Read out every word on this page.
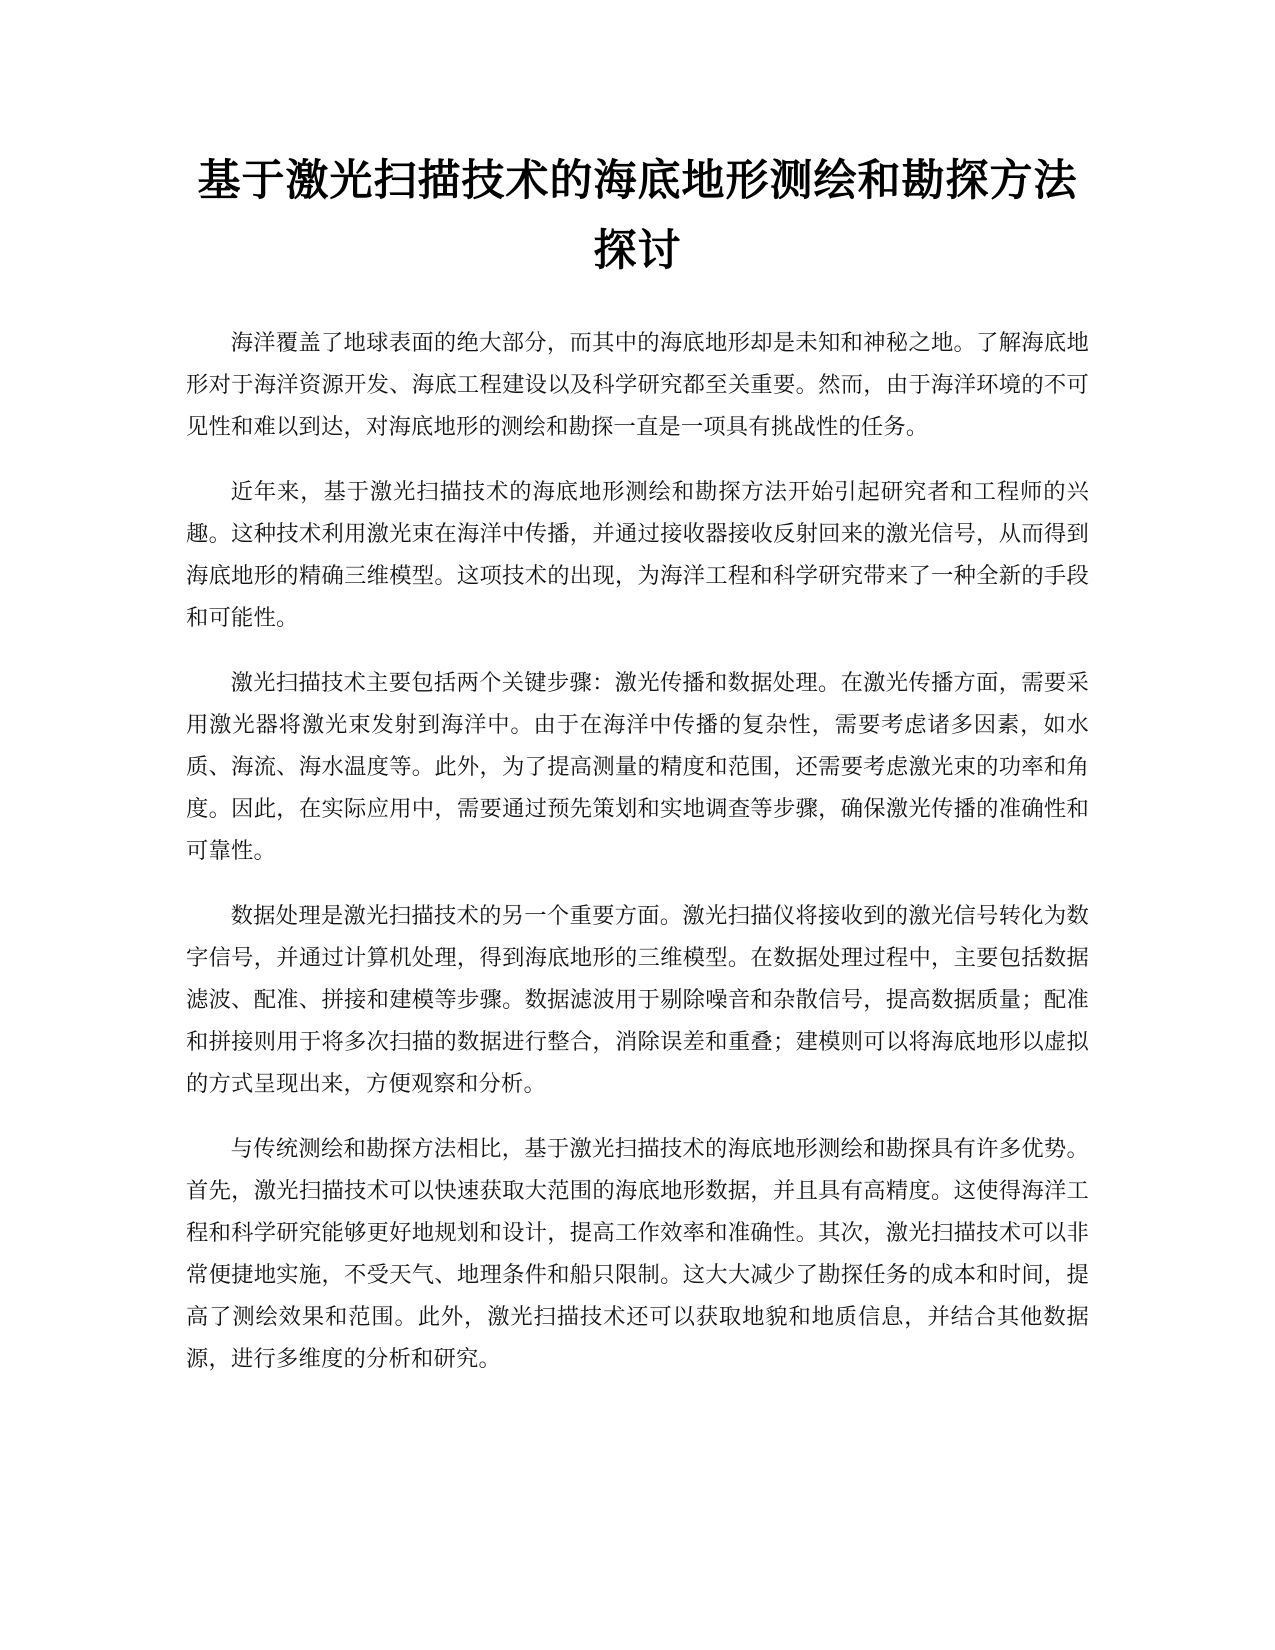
基于激光扫描技术的海底地形测绘和勘探方法探讨

海洋覆盖了地球表面的绝大部分，而其中的海底地形却是未知和神秘之地。了解海底地形对于海洋资源开发、海底工程建设以及科学研究都至关重要。然而，由于海洋环境的不可见性和难以到达，对海底地形的测绘和勘探一直是一项具有挑战性的任务。

近年来，基于激光扫描技术的海底地形测绘和勘探方法开始引起研究者和工程师的兴趣。这种技术利用激光束在海洋中传播，并通过接收器接收反射回来的激光信号，从而得到海底地形的精确三维模型。这项技术的出现，为海洋工程和科学研究带来了一种全新的手段和可能性。

激光扫描技术主要包括两个关键步骤：激光传播和数据处理。在激光传播方面，需要采用激光器将激光束发射到海洋中。由于在海洋中传播的复杂性，需要考虑诸多因素，如水质、海流、海水温度等。此外，为了提高测量的精度和范围，还需要考虑激光束的功率和角度。因此，在实际应用中，需要通过预先策划和实地调查等步骤，确保激光传播的准确性和可靠性。

数据处理是激光扫描技术的另一个重要方面。激光扫描仪将接收到的激光信号转化为数字信号，并通过计算机处理，得到海底地形的三维模型。在数据处理过程中，主要包括数据滤波、配准、拼接和建模等步骤。数据滤波用于剔除噪音和杂散信号，提高数据质量；配准和拼接则用于将多次扫描的数据进行整合，消除误差和重叠；建模则可以将海底地形以虚拟的方式呈现出来，方便观察和分析。

与传统测绘和勘探方法相比，基于激光扫描技术的海底地形测绘和勘探具有许多优势。首先，激光扫描技术可以快速获取大范围的海底地形数据，并且具有高精度。这使得海洋工程和科学研究能够更好地规划和设计，提高工作效率和准确性。其次，激光扫描技术可以非常便捷地实施，不受天气、地理条件和船只限制。这大大减少了勘探任务的成本和时间，提高了测绘效果和范围。此外，激光扫描技术还可以获取地貌和地质信息，并结合其他数据源，进行多维度的分析和研究。
